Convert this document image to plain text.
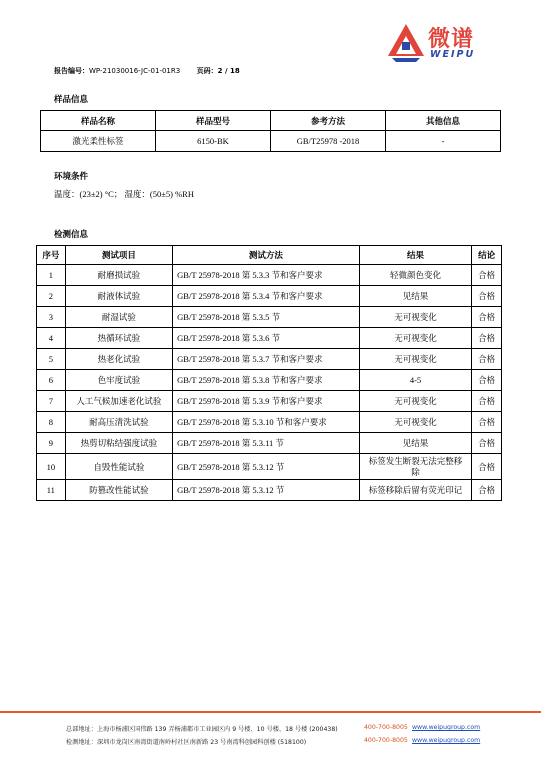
报告编号：WP-21030016-JC-01-01R3 页码：2 / 18
微谱
WEIPU
样品信息
样品名称	样品型号	参考方法	其他信息
激光柔性标签	6150-BK	GB/T25978 -2018	-
环境条件
温度：(23±2) °C； 湿度：(50±5) %RH
检测信息
序号	测试项目	测试方法	结果	结论
1	耐磨损试验	GB/T 25978-2018 第 5.3.3 节和客户要求	轻微颜色变化	合格
2	耐液体试验	GB/T 25978-2018 第 5.3.4 节和客户要求	见结果	合格
3	耐湿试验	GB/T 25978-2018 第 5.3.5 节	无可视变化	合格
4	热循环试验	GB/T 25978-2018 第 5.3.6 节	无可视变化	合格
5	热老化试验	GB/T 25978-2018 第 5.3.7 节和客户要求	无可视变化	合格
6	色牢度试验	GB/T 25978-2018 第 5.3.8 节和客户要求	4-5	合格
7	人工气候加速老化试验	GB/T 25978-2018 第 5.3.9 节和客户要求	无可视变化	合格
8	耐高压清洗试验	GB/T 25978-2018 第 5.3.10 节和客户要求	无可视变化	合格
9	热剪切粘结强度试验	GB/T 25978-2018 第 5.3.11 节	见结果	合格
10	自毁性能试验	GB/T 25978-2018 第 5.3.12 节	标签发生断裂无法完整移除	合格
11	防篡改性能试验	GB/T 25978-2018 第 5.3.12 节	标签移除后留有荧光印记	合格
总部地址：上海市杨浦区国伟路 139 弄杨浦都市工业园区内 9 号楼、10 号楼、18 号楼 (200438)	400-700-8005 www.weipugroup.com
检测地址：深圳市龙岗区南湾街道南岭村社区南新路 23 号南湾科创园科创楼 (518100)	400-700-8005 www.weipugroup.com
